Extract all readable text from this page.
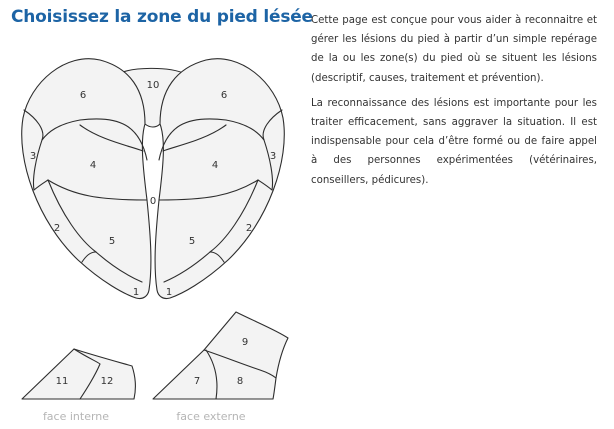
Choisissez la zone du pied lésée
10
6	6
3	3
4	4
0
2	2
5	5
1	1
11	12
9
7	8
face interne	face externe

Cette page est conçue pour vous aider à reconnaitre et gérer les lésions du pied à partir d’un simple repérage de la ou les zone(s) du pied où se situent les lésions (descriptif, causes, traitement et prévention).

La reconnaissance des lésions est importante pour les traiter efficacement, sans aggraver la situation. Il est indispensable pour cela d’être formé ou de faire appel à des personnes expérimentées (vétérinaires, conseillers, pédicures).
